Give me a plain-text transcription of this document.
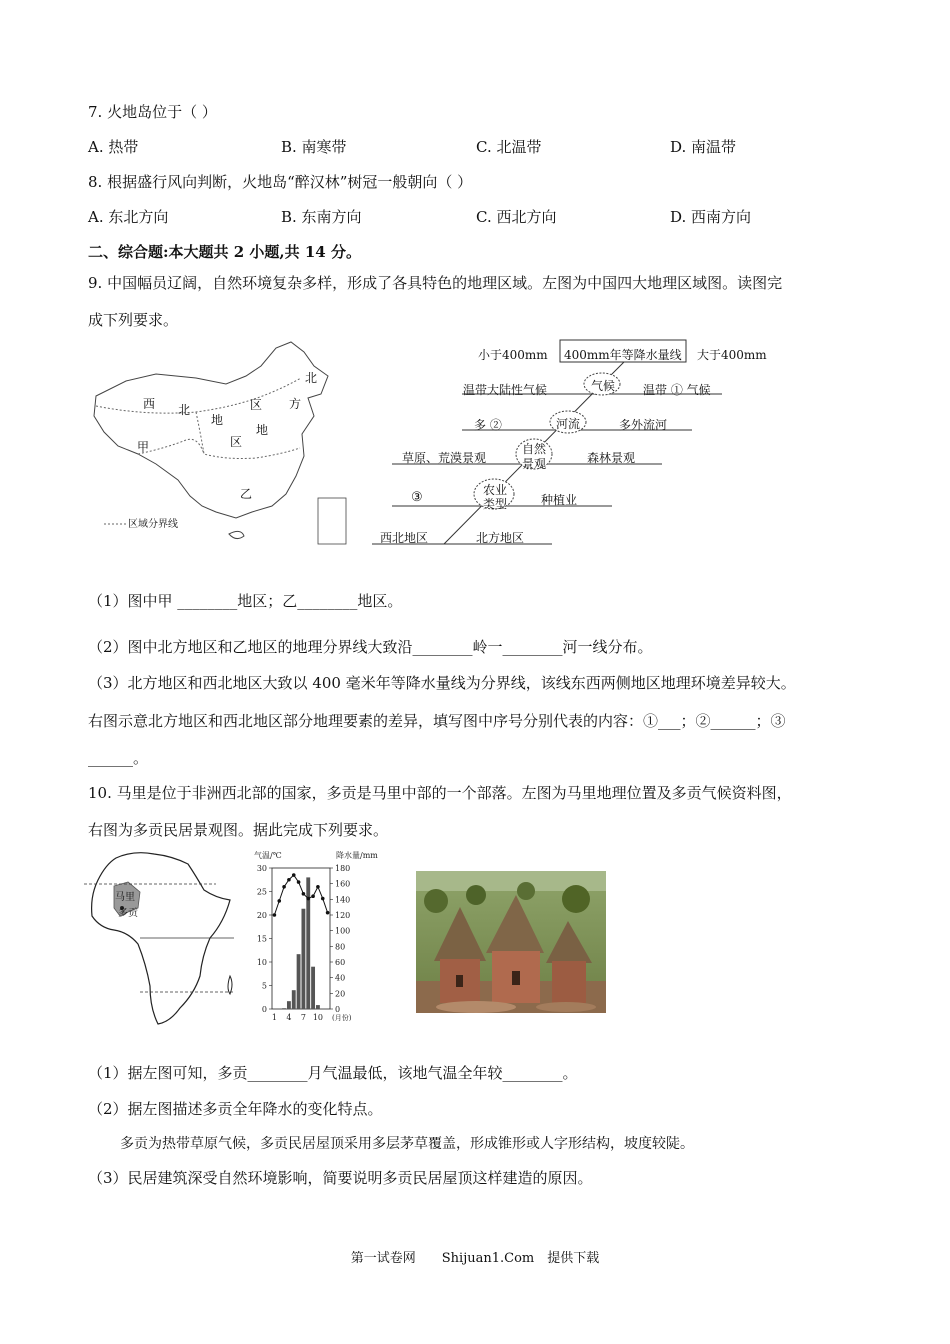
7. 火地岛位于（ ）
A. 热带	B. 南寒带	C. 北温带	D. 南温带
8. 根据盛行风向判断，火地岛“醉汉林”树冠一般朝向（ ）
A. 东北方向	B. 东南方向	C. 西北方向	D. 西南方向
二、综合题:本大题共 2 小题,共 14 分。
9. 中国幅员辽阔，自然环境复杂多样，形成了各具特色的地理区域。左图为中国四大地理区域图。读图完
成下列要求。
西 北
地
区
北
方
区
地
甲
乙
区域分界线
小于400mm 400mm年等降水量线 大于400mm
温带大陆性气候	气候 温带 ① 气候
多 ②	河流	多外流河
草原、荒漠景观
自然
景观	森林景观
③	农业
类型	种植业
西北地区	北方地区
（1）图中甲 ________地区；乙________地区。
（2）图中北方地区和乙地区的地理分界线大致沿________岭一________河一线分布。
（3）北方地区和西北地区大致以 400 毫米年等降水量线为分界线，该线东西两侧地区地理环境差异较大。
右图示意北方地区和西北地区部分地理要素的差异，填写图中序号分别代表的内容：①___；②______；③
______。
10. 马里是位于非洲西北部的国家，多贡是马里中部的一个部落。左图为马里地理位置及多贡气候资料图，
右图为多贡民居景观图。据此完成下列要求。
马里
多贡
气温/℃	降水量/mm
0
5
10
15
20
25
30
0
20
40
60
80
100
120
140
160
180
1 4 7 10 (月份)
（1）据左图可知，多贡________月气温最低，该地气温全年较________。
（2）据左图描述多贡全年降水的变化特点。
多贡为热带草原气候，多贡民居屋顶采用多层茅草覆盖，形成锥形或人字形结构，坡度较陡。
（3）民居建筑深受自然环境影响，简要说明多贡民居屋顶这样建造的原因。
第一试卷网　　Shijuan1.Com　提供下载
